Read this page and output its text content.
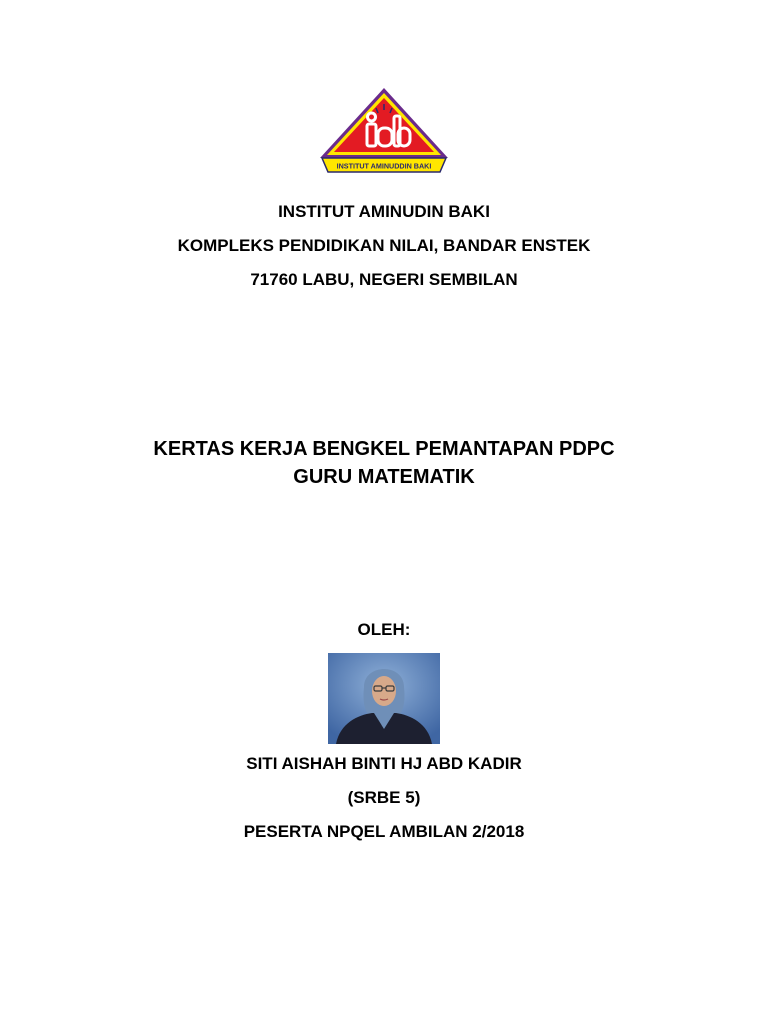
INSTITUT AMINUDDIN BAKI
INSTITUT AMINUDIN BAKI
KOMPLEKS PENDIDIKAN NILAI, BANDAR ENSTEK
71760 LABU, NEGERI SEMBILAN
KERTAS KERJA BENGKEL PEMANTAPAN PDPC
GURU MATEMATIK
OLEH:
SITI AISHAH BINTI HJ ABD KADIR
(SRBE 5)
PESERTA NPQEL AMBILAN 2/2018
